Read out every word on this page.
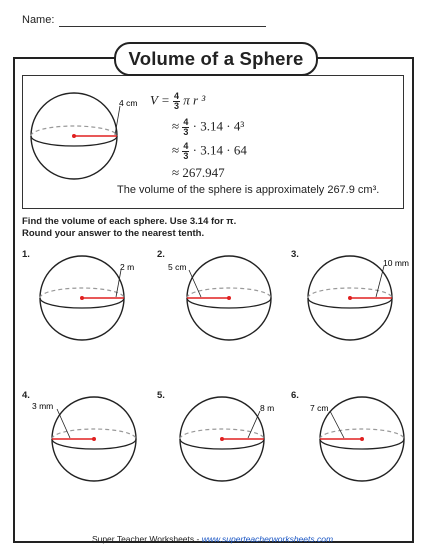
Name:
Volume of a Sphere
4 cm $V = \frac{4}{3}$ π r ³
≈ $\frac{4}{3} \cdot 3.14 \cdot 4^3$
≈ $\frac{4}{3} \cdot 3.14 \cdot 64$
≈ 267.947
The volume of the sphere is approximately 267.9 cm³.
Find the volume of each sphere. Use 3.14 for π.
Round your answer to the nearest tenth.
1.	2.	3.
4.	5.	6.
2 m	5 cm	10 mm
3 mm	8 m	7 cm
Super Teacher Worksheets - www.superteacherworksheets.com
